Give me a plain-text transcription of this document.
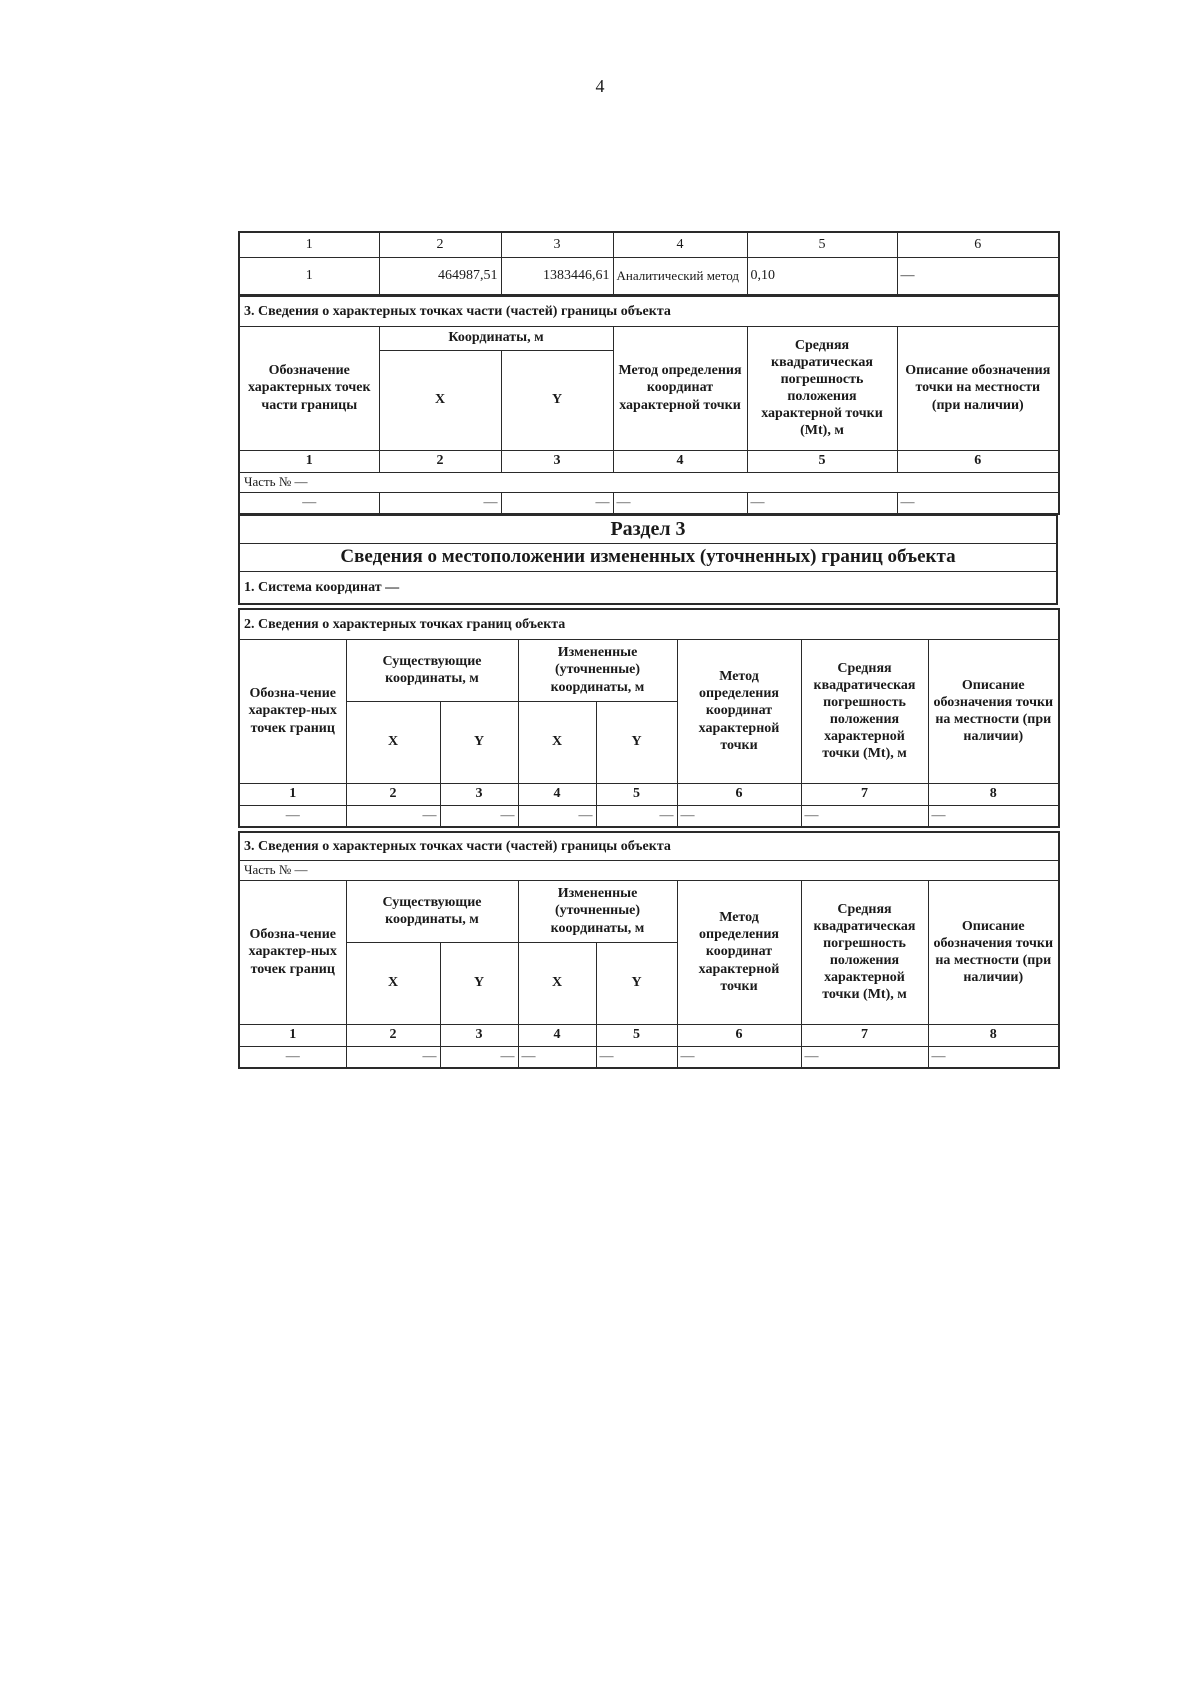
4
1	2	3	4	5	6
1	464987,51	1383446,61	Аналитический метод	0,10	—
3. Сведения о характерных точках части (частей) границы объекта					
Обозначение характерных точек части границы	Координаты, м		Метод определения координат характерной точки	Средняя квадратическая погрешность положения характерной точки (Mt), м	Описание обозначения точки на местности (при наличии)
	X	Y			
1	2	3	4	5	6
Часть № —					
—	—	—	—	—	—
Раздел 3
Сведения о местоположении измененных (уточненных) границ объекта
1. Система координат —
2. Сведения о характерных точках границ объекта							
Обозна-чение характер-ных точек границ	Существующие координаты, м		Измененные (уточненные) координаты, м		Метод определения координат характерной точки	Средняя квадратическая погрешность положения характерной точки (Mt), м	Описание обозначения точки на местности (при наличии)
	X	Y	X	Y			
1	2	3	4	5	6	7	8
—	—	—	—	—	—	—	—
3. Сведения о характерных точках части (частей) границы объекта							
Часть № —							
Обозна-чение характер-ных точек границ	Существующие координаты, м		Измененные (уточненные) координаты, м		Метод определения координат характерной точки	Средняя квадратическая погрешность положения характерной точки (Mt), м	Описание обозначения точки на местности (при наличии)
	X	Y	X	Y			
1	2	3	4	5	6	7	8
—	—	—	—	—	—	—	—
